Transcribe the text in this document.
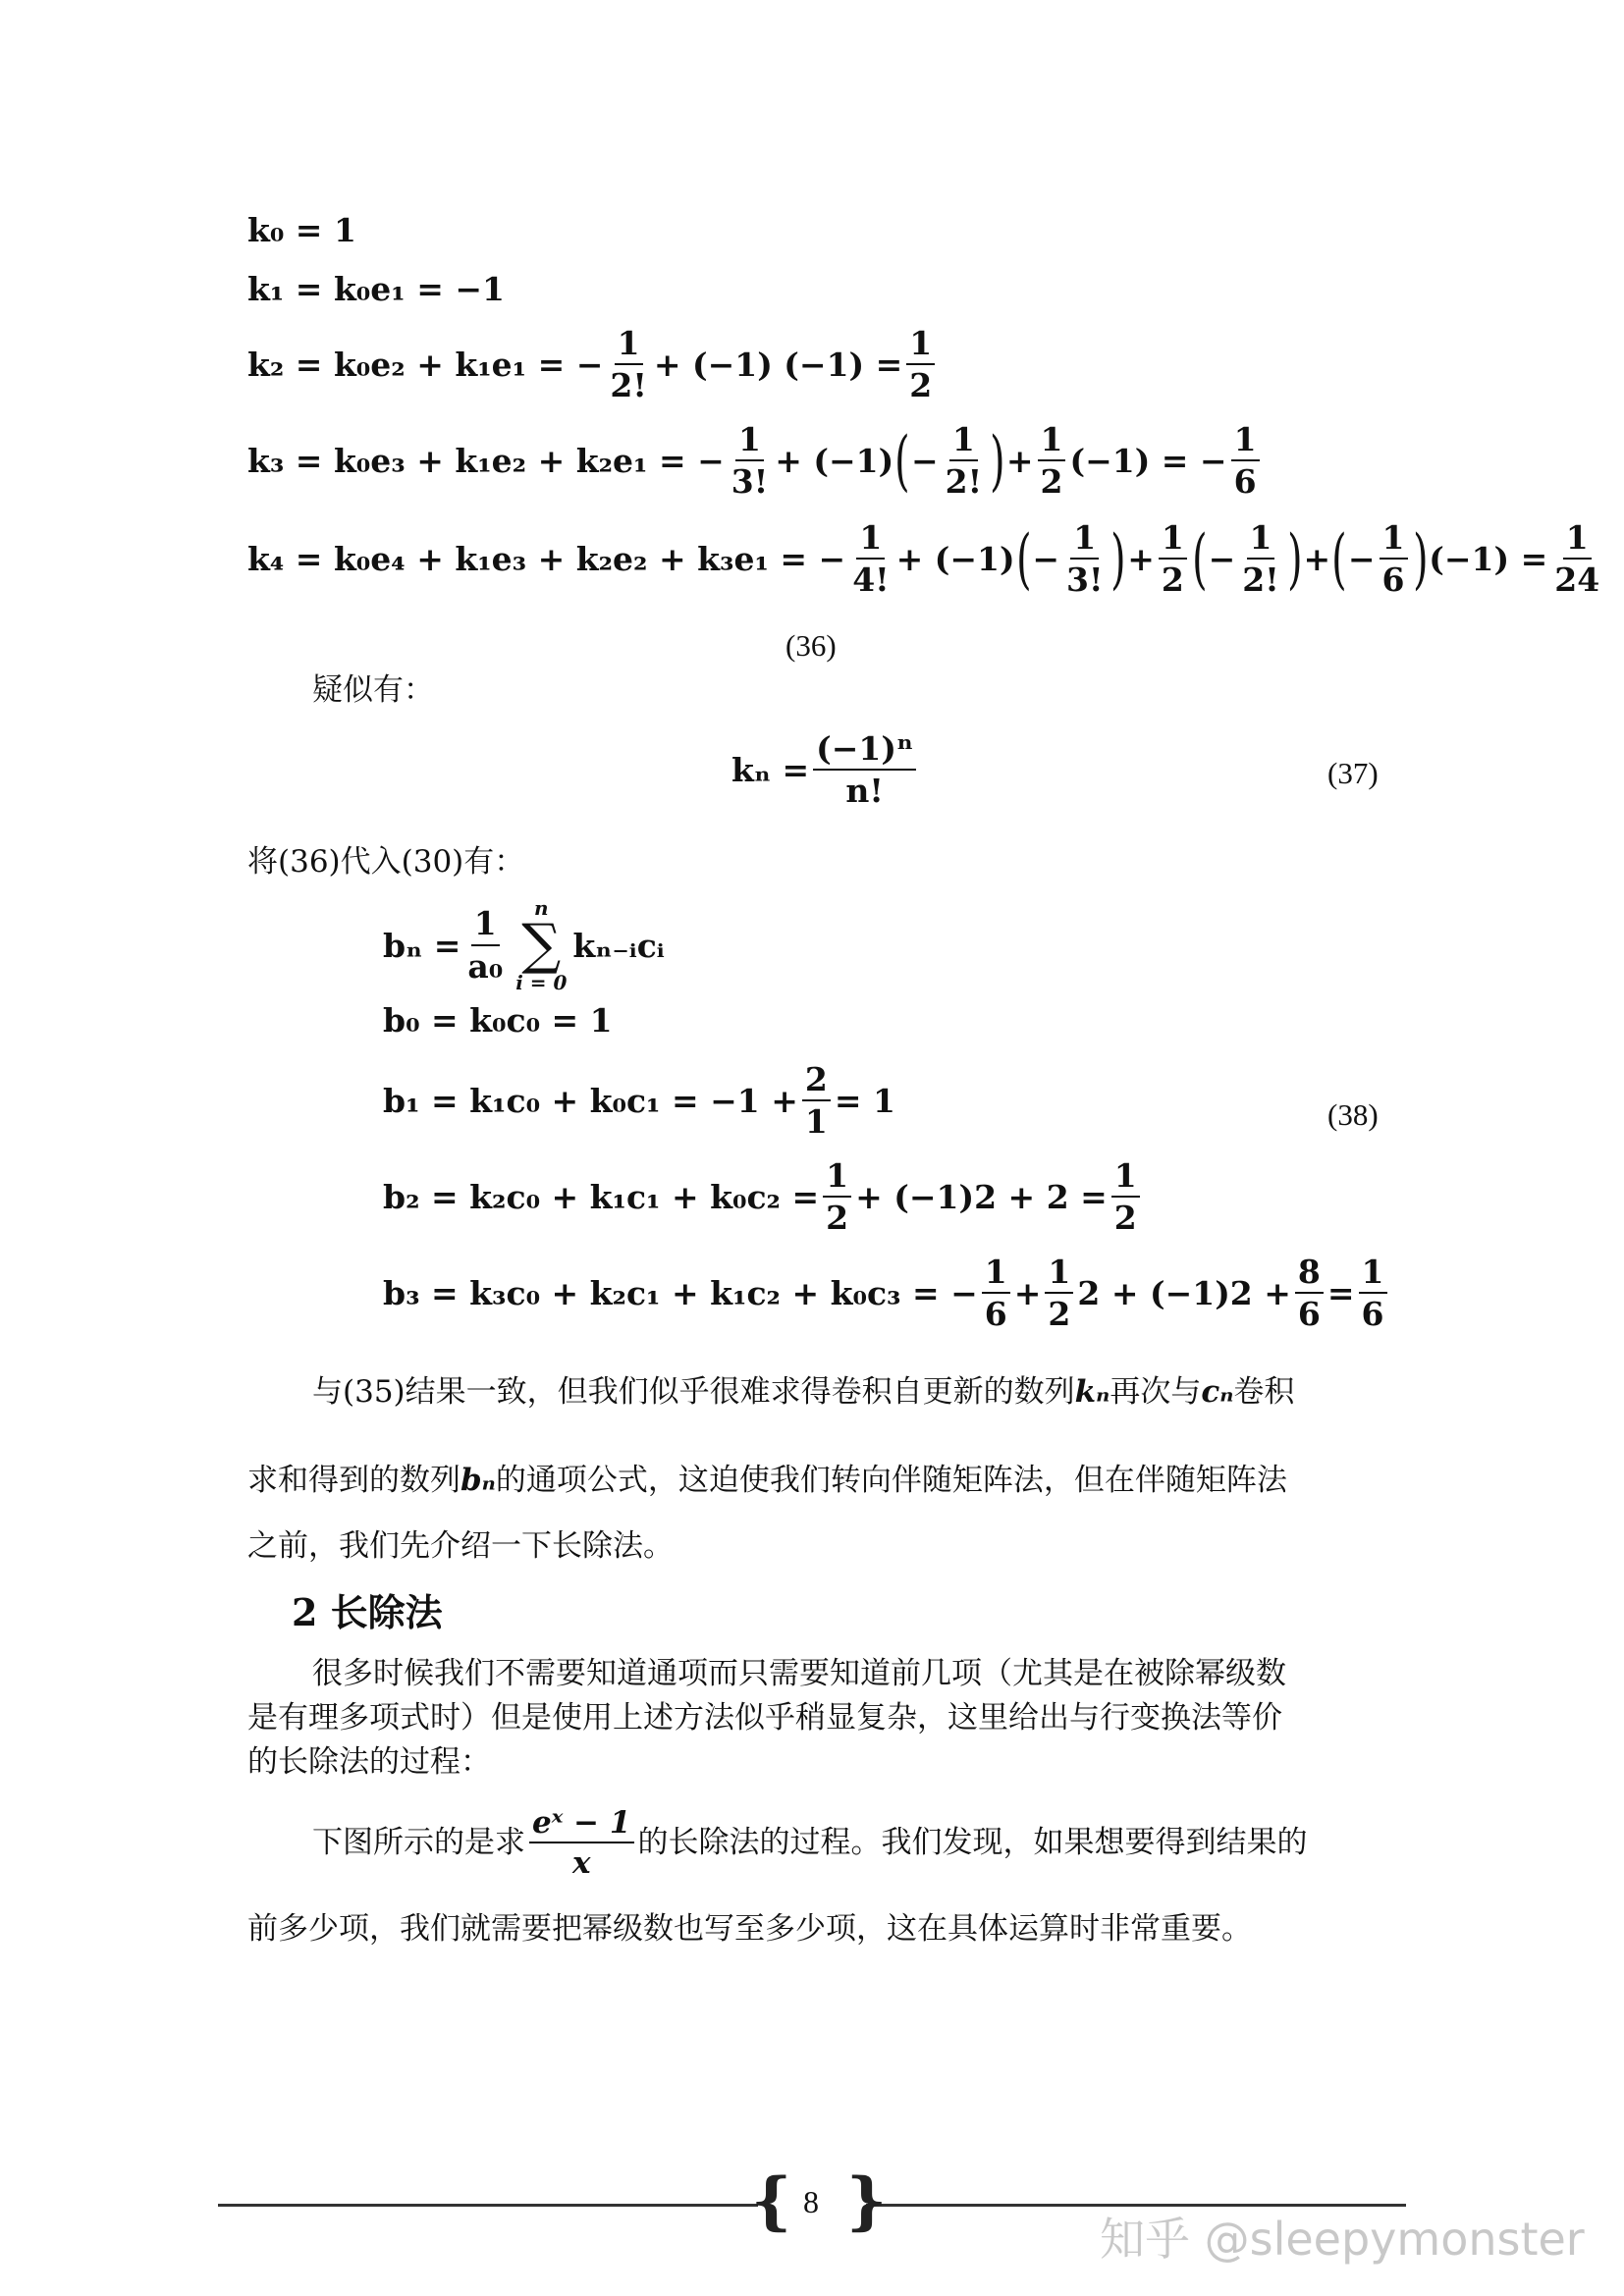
k₀ = 1
k₁ = k₀e₁ = −1
k₂ = k₀e₂ + k₁e₁ = − $\frac{1}{2!} + (-1) (-1) = \frac{1}{2}$
k₃ = k₀e₃ + k₁e₂ + k₂e₁ = − $\frac{1}{3!} + (-1)$ ( − $\frac{1}{2!}$ ) + $\frac{1}{2} (-1)$ = − $\frac{1}{6}$
k₄ = k₀e₄ + k₁e₃ + k₂e₂ + k₃e₁ = − $\frac{1}{4!} + (-1)$ ( − $\frac{1}{3!}$ ) + $\frac{1}{2}$ ( − $\frac{1}{2!}$ ) + ( − $\frac{1}{6}$ ) $(-1) = \frac{1}{24}$
(36)
疑似有：
$k_n = \frac{\text{(−1)ⁿ}}{n!}$	(37)
将(36)代入(30)有：
$b_n = \frac{1}{\text{a₀}}$ n
∑
i = 0
kₙ₋ᵢcᵢ
b₀ = k₀c₀ = 1
$b_1 = k_1c_0 + k_0c_1 = -1 + \frac{2}{1} = 1$	(38)
$b_2 = k_2c_0 + k_1c_1 + k_0c_2 = \frac{1}{2} + (-1)2 + 2 = \frac{1}{2}$
b₃ = k₃c₀ + k₂c₁ + k₁c₂ + k₀c₃ = − $\frac{1}{6} + \frac{1}{2} 2 + (-1)2 + \frac{8}{6} = \frac{1}{6}$
与(35)结果一致，但我们似乎很难求得卷积自更新的数列kₙ再次与cₙ卷积
求和得到的数列bₙ的通项公式，这迫使我们转向伴随矩阵法，但在伴随矩阵法
之前，我们先介绍一下长除法。
2 长除法
很多时候我们不需要知道通项而只需要知道前几项（尤其是在被除幂级数
是有理多项式时）但是使用上述方法似乎稍显复杂，这里给出与行变换法等价
的长除法的过程：
下图所示的是求 $\frac{\text{eˣ − 1}}{x}$ 的长除法的过程。我们发现，如果想要得到结果的
前多少项，我们就需要把幂级数也写至多少项，这在具体运算时非常重要。
{ }
8
知乎 @sleepymonster
